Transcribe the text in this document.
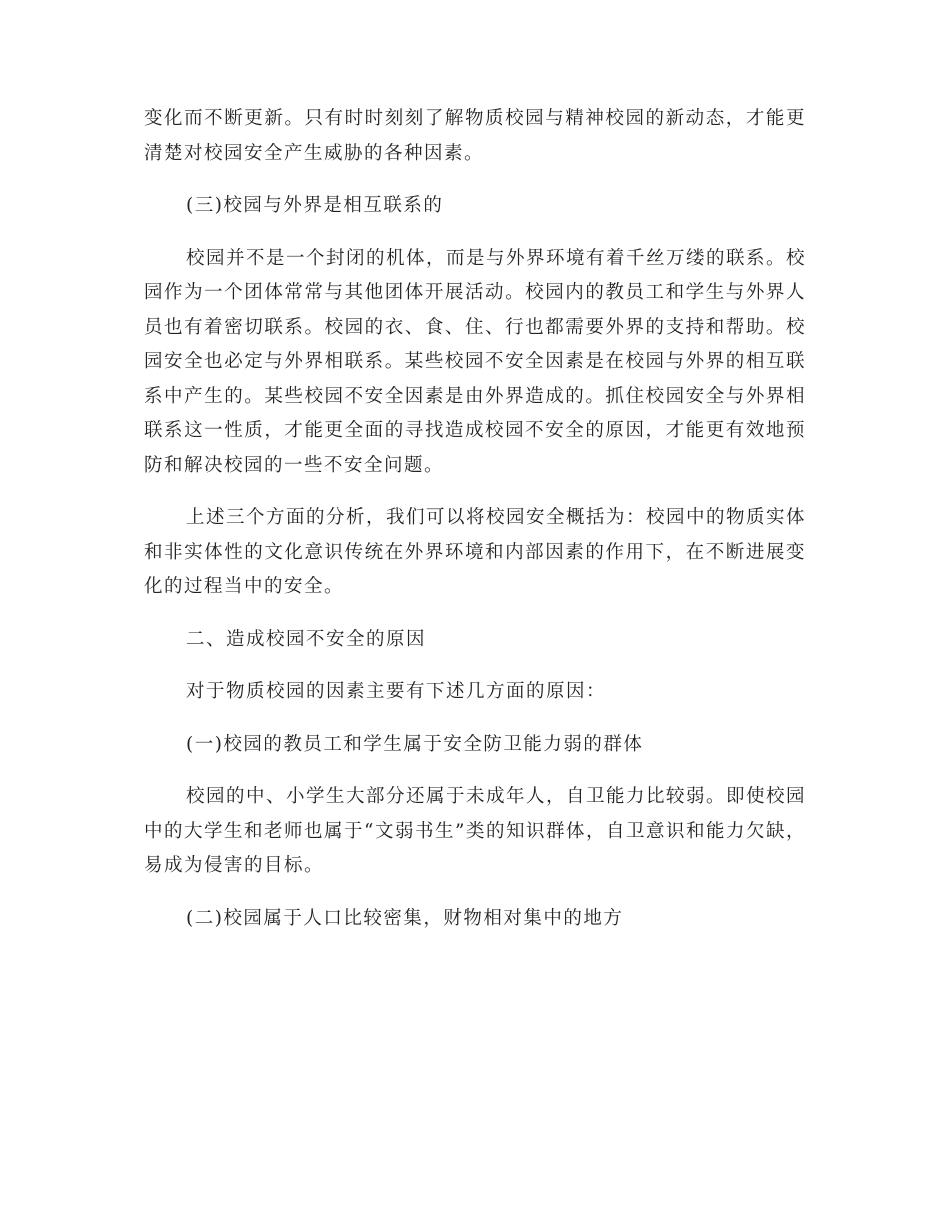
变化而不断更新。只有时时刻刻了解物质校园与精神校园的新动态，才能更清楚对校园安全产生威胁的各种因素。

(三)校园与外界是相互联系的

校园并不是一个封闭的机体，而是与外界环境有着千丝万缕的联系。校园作为一个团体常常与其他团体开展活动。校园内的教员工和学生与外界人员也有着密切联系。校园的衣、食、住、行也都需要外界的支持和帮助。校园安全也必定与外界相联系。某些校园不安全因素是在校园与外界的相互联系中产生的。某些校园不安全因素是由外界造成的。抓住校园安全与外界相联系这一性质，才能更全面的寻找造成校园不安全的原因，才能更有效地预防和解决校园的一些不安全问题。

上述三个方面的分析，我们可以将校园安全概括为：校园中的物质实体和非实体性的文化意识传统在外界环境和内部因素的作用下，在不断进展变化的过程当中的安全。

二、造成校园不安全的原因

对于物质校园的因素主要有下述几方面的原因：

(一)校园的教员工和学生属于安全防卫能力弱的群体

校园的中、小学生大部分还属于未成年人，自卫能力比较弱。即使校园中的大学生和老师也属于“文弱书生”类的知识群体，自卫意识和能力欠缺，易成为侵害的目标。

(二)校园属于人口比较密集，财物相对集中的地方
